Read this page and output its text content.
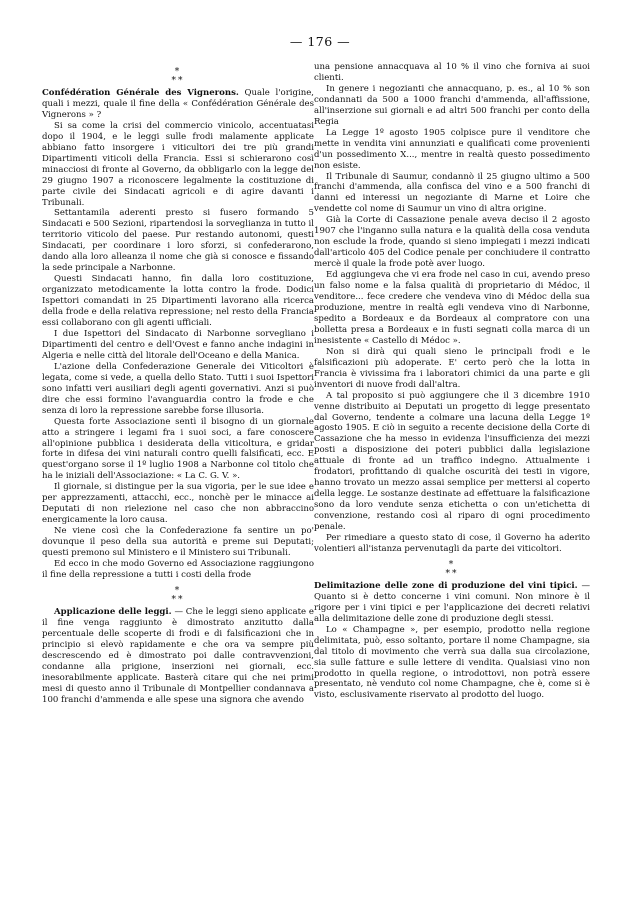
— 176 —
*
**

Confédération Générale des Vignerons. Quale l'origine, quali i mezzi, quale il fine della « Confédération Générale des Vignerons » ?

Si sa come la crisi del commercio vinicolo, accentuatasi dopo il 1904, e le leggi sulle frodi malamente applicate abbiano fatto insorgere i viticultori dei tre più grandi Dipartimenti viticoli della Francia. Essi si schierarono così minacciosi di fronte al Governo, da obbligarlo con la legge del 29 giugno 1907 a riconoscere legalmente la costituzione di parte civile dei Sindacati agricoli e di agire davanti i Tribunali.

Settantamila aderenti presto si fusero formando 5 Sindacati e 500 Sezioni, ripartendosi la sorveglianza in tutto il territorio viticolo del paese. Pur restando autonomi, questi Sindacati, per coordinare i loro sforzi, si confederarono, dando alla loro alleanza il nome che già si conosce e fissando la sede principale a Narbonne.

Questi Sindacati hanno, fin dalla loro costituzione, organizzato metodicamente la lotta contro la frode. Dodici Ispettori comandati in 25 Dipartimenti lavorano alla ricerca della frode e della relativa repressione; nel resto della Francia essi collaborano con gli agenti ufficiali.

I due Ispettori del Sindacato di Narbonne sorvegliano i Dipartimenti del centro e dell'Ovest e fanno anche indagini in Algeria e nelle città del litorale dell'Oceano e della Manica.

L'azione della Confederazione Generale dei Viticoltori è legata, come si vede, a quella dello Stato. Tutti i suoi Ispettori sono infatti veri ausiliari degli agenti governativi. Anzi si può dire che essi formino l'avanguardia contro la frode e che senza di loro la repressione sarebbe forse illusoria.

Questa forte Associazione sentì il bisogno di un giornale atto a stringere i legami fra i suoi soci, a fare conoscere all'opinione pubblica i desiderata della viticoltura, e gridar forte in difesa dei vini naturali contro quelli falsificati, ecc. E quest'organo sorse il 1º luglio 1908 a Narbonne col titolo che ha le iniziali dell'Associazione: « La C. G. V. ».

Il giornale, si distingue per la sua vigoria, per le sue idee e per apprezzamenti, attacchi, ecc., nonchè per le minacce ai Deputati di non rielezione nel caso che non abbraccino energicamente la loro causa.

Ne viene così che la Confederazione fa sentire un po' dovunque il peso della sua autorità e preme sui Deputati; questi premono sul Ministero e il Ministero sui Tribunali.

Ed ecco in che modo Governo ed Associazione raggiungono il fine della repressione a tutti i costi della frode

*
**

Applicazione delle leggi. — Che le leggi sieno applicate e il fine venga raggiunto è dimostrato anzitutto dalla percentuale delle scoperte di frodi e di falsificazioni che in principio si elevò rapidamente e che ora va sempre più descrescendo ed è dimostrato poi dalle contravvenzioni, condanne alla prigione, inserzioni nei giornali, ecc. inesorabilmente applicate. Basterà citare qui che nei primi mesi di questo anno il Tribunale di Montpellier condannava a 100 franchi d'ammenda e alle spese una signora che avendo

una pensione annacquava al 10 % il vino che forniva ai suoi clienti.

In genere i negozianti che annacquano, p. es., al 10 % son condannati da 500 a 1000 franchi d'ammenda, all'affissione, all'inserzione sui giornali e ad altri 500 franchi per conto della Regia

La Legge 1º agosto 1905 colpisce pure il venditore che mette in vendita vini annunziati e qualificati come provenienti d'un possedimento X..., mentre in realtà questo possedimento non esiste.

Il Tribunale di Saumur, condannò il 25 giugno ultimo a 500 franchi d'ammenda, alla confisca del vino e a 500 franchi di danni ed interessi un negoziante di Marne et Loire che vendette col nome di Saumur un vino di altra origine.

Già la Corte di Cassazione penale aveva deciso il 2 agosto 1907 che l'inganno sulla natura e la qualità della cosa venduta non esclude la frode, quando si sieno impiegati i mezzi indicati dall'articolo 405 del Codice penale per conchiudere il contratto mercè il quale la frode potè aver luogo.

Ed aggiungeva che vi era frode nel caso in cui, avendo preso un falso nome e la falsa qualità di proprietario di Médoc, il venditore... fece credere che vendeva vino di Médoc della sua produzione, mentre in realtà egli vendeva vino di Narbonne, spedito a Bordeaux e da Bordeaux al compratore con una bolletta presa a Bordeaux e in fusti segnati colla marca di un inesistente « Castello di Médoc ».

Non si dirà qui quali sieno le principali frodi e le falsificazioni più adoperate. E' certo però che la lotta in Francia è vivissima fra i laboratori chimici da una parte e gli inventori di nuove frodi dall'altra.

A tal proposito si può aggiungere che il 3 dicembre 1910 venne distribuito ai Deputati un progetto di legge presentato dal Governo, tendente a colmare una lacuna della Legge 1º agosto 1905. E ciò in seguito a recente decisione della Corte di Cassazione che ha messo in evidenza l'insufficienza dei mezzi posti a disposizione dei poteri pubblici dalla legislazione attuale di fronte ad un traffico indegno. Attualmente i frodatori, profittando di qualche oscurità dei testi in vigore, hanno trovato un mezzo assai semplice per mettersi al coperto della legge. Le sostanze destinate ad effettuare la falsificazione sono da loro vendute senza etichetta o con un'etichetta di convenzione, restando così al riparo di ogni procedimento penale.

Per rimediare a questo stato di cose, il Governo ha aderito volentieri all'istanza pervenutagli da parte dei viticoltori.

*
**

Delimitazione delle zone di produzione del vini tipici. — Quanto si è detto concerne i vini comuni. Non minore è il rigore per i vini tipici e per l'applicazione dei decreti relativi alla delimitazione delle zone di produzione degli stessi.

Lo « Champagne », per esempio, prodotto nella regione delimitata, può, esso soltanto, portare il nome Champagne, sia dal titolo di movimento che verrà sua dalla sua circolazione, sia sulle fatture e sulle lettere di vendita. Qualsiasi vino non prodotto in quella regione, o introdottovi, non potrà essere presentato, nè venduto col nome Champagne, che è, come si è visto, esclusivamente riservato al prodotto del luogo.
